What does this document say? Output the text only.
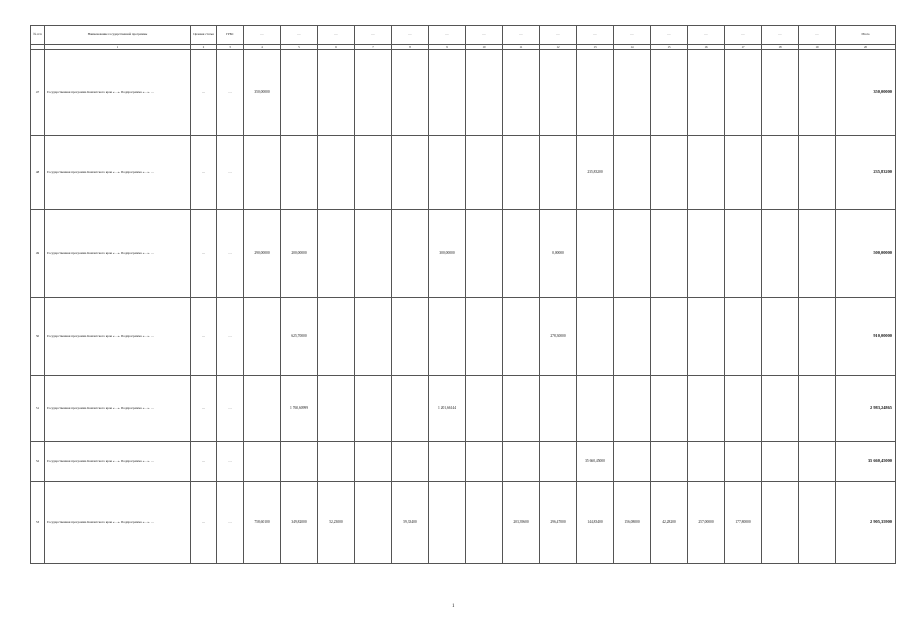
№ п/п	Наименование государственной программы	Целевая статья	ГРБС	…	…	…	…	…	…	…	…	…	…	…	…	…	…	…	…	Итого
	1	2	3	4	5	6	7	8	9	10	11	12	13	14	15	16	17	18	19	20
47	Государственная программа Камчатского края «…». Подпрограмма «…». …	…	…	350,00000																350,00000
48	Государственная программа Камчатского края «…». Подпрограмма «…». …	…	…										235,83200							235,83200
49	Государственная программа Камчатского края «…». Подпрограмма «…». …	…	…	290,00000	200,00000				300,00000			0,00000								500,00000
50	Государственная программа Камчатского края «…». Подпрограмма «…». …	…	…		625,70000							278,30000								910,00000
51	Государственная программа Камчатского края «…». Подпрограмма «…». …	…	…		1 760,60999				1 201,66144											2 983,24865
52	Государственная программа Камчатского края «…». Подпрограмма «…». …	…	…										35 660,45000							35 660,45000
53	Государственная программа Камчатского края «…». Подпрограмма «…». …	…	…	758,60100	349,82000	52,23000		59,33400			203,39600	296,47000	144,83400	156,08000	42,28200	257,00000	177,80000			2 905,35900
1
